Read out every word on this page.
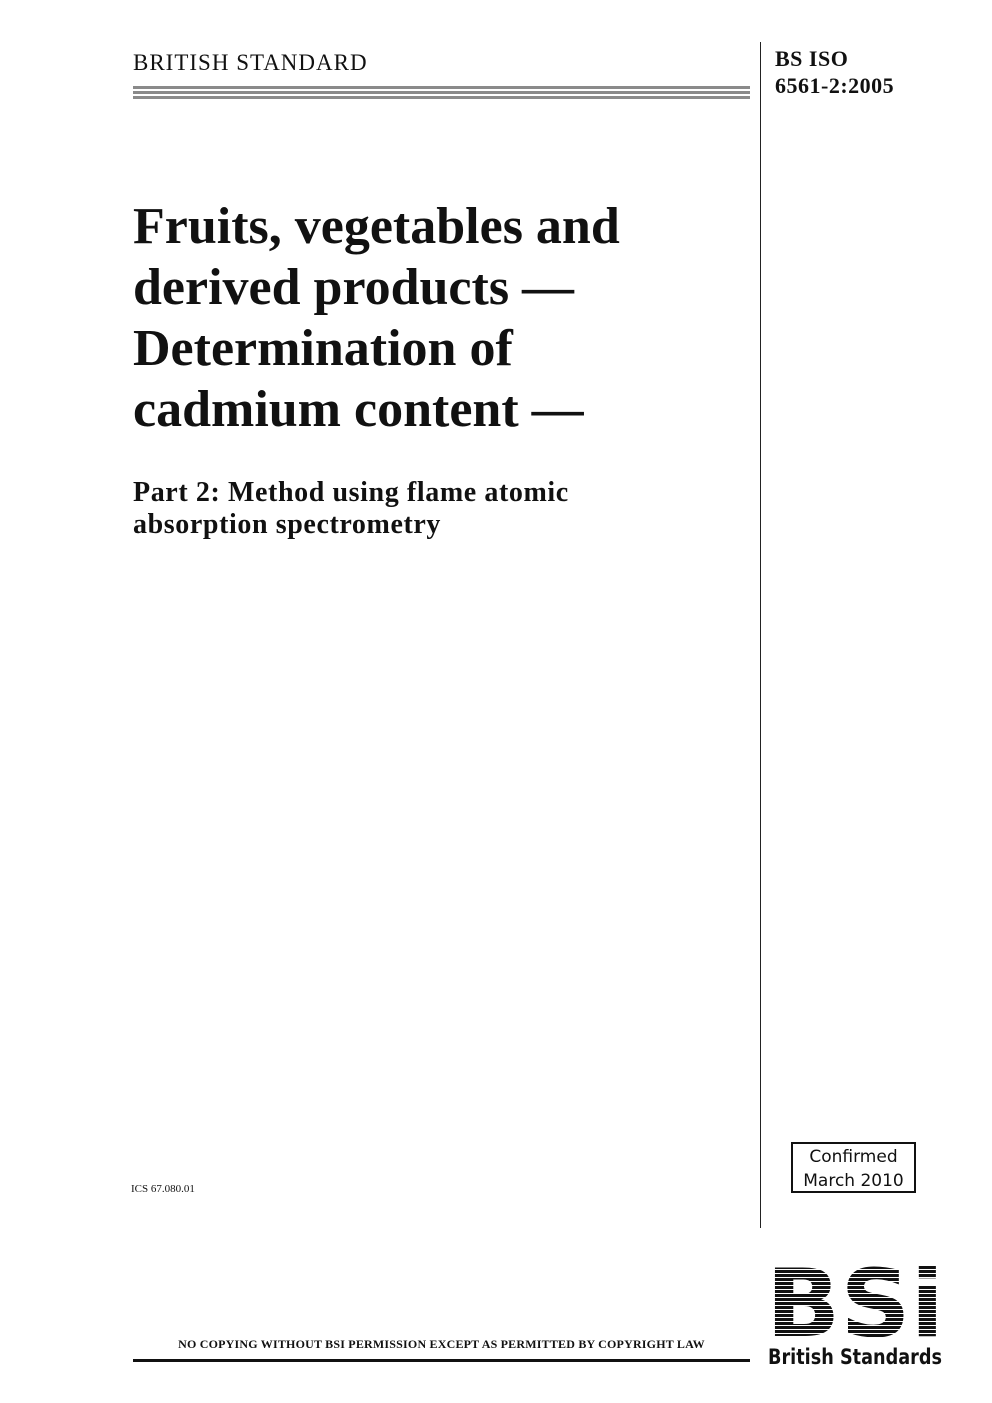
BRITISH STANDARD	BS ISO
6561-2:2005
Fruits, vegetables and
derived products —
Determination of
cadmium content —
Part 2: Method using flame atomic
absorption spectrometry
ICS 67.080.01
Confirmed
March 2010
NO COPYING WITHOUT BSI PERMISSION EXCEPT AS PERMITTED BY COPYRIGHT LAW BSi
British Standards
